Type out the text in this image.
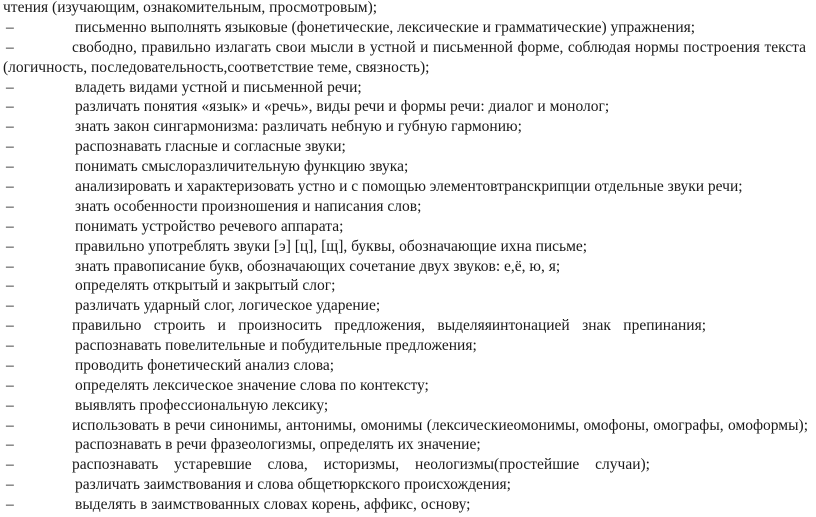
чтения (изучающим, ознакомительным, просмотровым);
–	письменно выполнять языковые (фонетические, лексические и грамматические) упражнения;
–	свободно, правильно излагать свои мысли в устной и письменной форме, соблюдая нормы построения текста
(логичность, последовательность,соответствие теме, связность);
–	владеть видами устной и письменной речи;
–	различать понятия «язык» и «речь», виды речи и формы речи: диалог и монолог;
–	знать закон сингармонизма: различать небную и губную гармонию;
–	распознавать гласные и согласные звуки;
–	понимать смыслоразличительную функцию звука;
–	анализировать и характеризовать устно и с помощью элементовтранскрипции отдельные звуки речи;
–	знать особенности произношения и написания слов;
–	понимать устройство речевого аппарата;
–	правильно употреблять звуки [э] [ц], [щ], буквы, обозначающие ихна письме;
–	знать правописание букв, обозначающих сочетание двух звуков: е,ё, ю, я;
–	определять открытый и закрытый слог;
–	различать ударный слог, логическое ударение;
–	правильно строить и произносить предложения, выделяяинтонацией знак препинания;
–	распознавать повелительные и побудительные предложения;
–	проводить фонетический анализ слова;
–	определять лексическое значение слова по контексту;
–	выявлять профессиональную лексику;
–	использовать в речи синонимы, антонимы, омонимы (лексическиеомонимы, омофоны, омографы, омоформы);
–	распознавать в речи фразеологизмы, определять их значение;
–	распознавать устаревшие слова, историзмы, неологизмы(простейшие случаи);
–	различать заимствования и слова общетюркского происхождения;
–	выделять в заимствованных словах корень, аффикс, основу;
